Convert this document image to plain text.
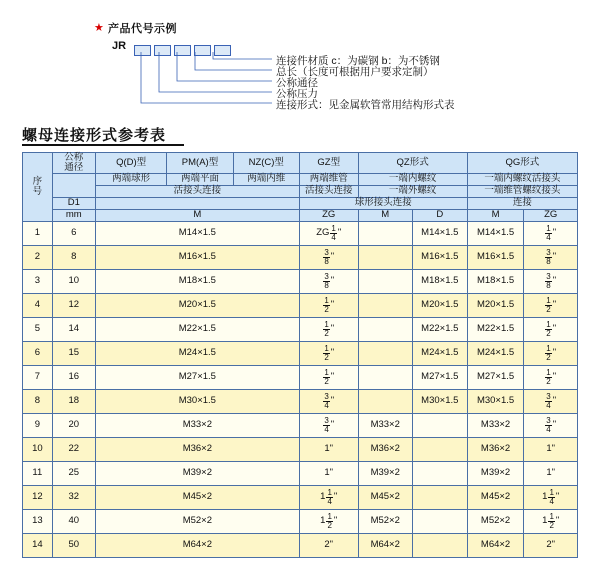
★ 产品代号示例
JR
连接件材质 c：为碳钢 b：为不锈钢
总长（长度可根据用户要求定制）
公称通径
公称压力
连接形式：见金属软管常用结构形式表
螺母连接形式参考表
序
号

公称
通径	Q(D)型	PM(A)型	NZ(C)型	GZ型	QZ形式	QG形式
		两端球形	两端平面	两端内维	两端维管	一端内螺纹		一端内螺纹活接头	
		活接头连接			活接头连接	一端外螺纹		一端维管螺纹接头	
	D1				球形接头连接			连接	
	mm	M			ZG	M	D	M	ZG
1	6	M14×1.5			ZG $\frac{1}{4}$ "		M14×1.5	M14×1.5	$\frac{1}{4}$ "

2	8	M16×1.5			$\frac{3}{8}$ "		M16×1.5	M16×1.5	$\frac{3}{8}$ "

3	10	M18×1.5			$\frac{3}{8}$ "		M18×1.5	M18×1.5	$\frac{3}{8}$ "

4	12	M20×1.5			$\frac{1}{2}$ "		M20×1.5	M20×1.5	$\frac{1}{2}$ "

5	14	M22×1.5			$\frac{1}{2}$ "		M22×1.5	M22×1.5	$\frac{1}{2}$ "

6	15	M24×1.5			$\frac{1}{2}$ "		M24×1.5	M24×1.5	$\frac{1}{2}$ "

7	16	M27×1.5			$\frac{1}{2}$ "		M27×1.5	M27×1.5	$\frac{1}{2}$ "

8	18	M30×1.5			$\frac{3}{4}$ "		M30×1.5	M30×1.5	$\frac{3}{4}$ "

9	20	M33×2			$\frac{3}{4}$ "	M33×2		M33×2	$\frac{3}{4}$ "

10	22	M36×2			1"	M36×2		M36×2	1"
11	25	M39×2			1"	M39×2		M39×2	1"
12	32	M45×2			$1 \frac{1}{4}$ "	M45×2		M45×2	$1 \frac{1}{4}$ "

13	40	M52×2			$1 \frac{1}{2}$ "	M52×2		M52×2	$1 \frac{1}{2}$ "

14	50	M64×2			2"	M64×2		M64×2	2"
